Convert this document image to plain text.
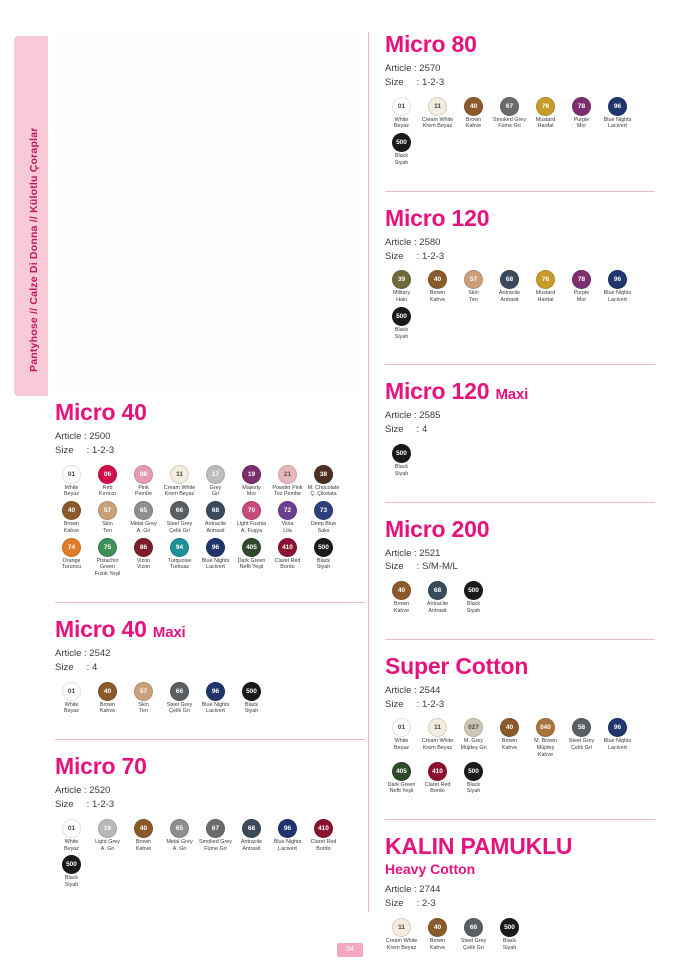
Pantyhose // Calze Di Donna // Külotlu Çoraplar
Micro 40
Article : 2500
Size     : 1-2-3
01
White
Beyaz
06
Red
Kırmızı
08
Pink
Pembe
11
Cream White
Krem Beyaz
17
Grey
Gri
19
Majesty
Mor
21
Powder Pink
Toz Pembe
38
M. Chocolate
Ç. Çikolata
40
Brown
Kahve
57
Skin
Ten
65
Metal Grey
A. Gri
66
Steel Grey
Çelik Gri
68
Antracite
Antrasit
70
Light Fushia
A. Fuşya
72
Viola
Lila
73
Deep Blue
Saks
74
Orange
Turuncu
75
Pistachio Green
Fıstık Yeşil
86
Vizon
Vizon
94
Turquoise
Turkuaz
96
Blue Nights
Lacivert
405
Dark Green
Nefti Yeşil
410
Claret Red
Bordo
500
Black
Siyah
Micro 40 Maxi
Article : 2542
Size     : 4
01
White
Beyaz
40
Brown
Kahve
57
Skin
Ten
66
Steel Grey
Çelik Gri
96
Blue Nights
Lacivert
500
Black
Siyah
Micro 70
Article : 2520
Size     : 1-2-3
01
White
Beyaz
16
Light Grey
A. Gri
40
Brown
Kahve
65
Metal Grey
A. Gri
67
Smoked Grey
Füme Gri
68
Antracite
Antrasit
96
Blue Nights
Lacivert
410
Claret Red
Bordo
500
Black
Siyah
Micro 80
Article : 2570
Size     : 1-2-3
01
White
Beyaz
11
Cream White
Krem Beyaz
40
Brown
Kahve
67
Smoked Grey
Füme Gri
76
Mustard
Hardal
78
Purple
Mor
96
Blue Nights
Lacivert
500
Black
Siyah
Micro 120
Article : 2580
Size     : 1-2-3
39
Military
Haki
40
Brown
Kahve
57
Skin
Ten
68
Antracite
Antrasit
76
Mustard
Hardal
78
Purple
Mor
96
Blue Nights
Lacivert
500
Black
Siyah
Micro 120 Maxi
Article : 2585
Size     : 4
500
Black
Siyah
Micro 200
Article : 2521
Size     : S/M-M/L
40
Brown
Kahve
68
Antracite
Antrasit
500
Black
Siyah
Super Cotton
Article : 2544
Size     : 1-2-3
01
White
Beyaz
11
Cream White
Krem Beyaz
027
M. Grey
Müjdeş Gri
40
Brown
Kahve
040
M. Brown
Müjdeş Kahve
58
Steel Grey
Çelik Gri
96
Blue Nights
Lacivert
405
Dark Green
Nefti Yeşil
410
Claret Red
Bordo
500
Black
Siyah
KALIN PAMUKLU
Heavy Cotton
Article : 2744
Size     : 2-3
11
Cream White
Krem Beyaz
40
Brown
Kahve
66
Steel Grey
Çelik Gri
500
Black
Siyah
54
